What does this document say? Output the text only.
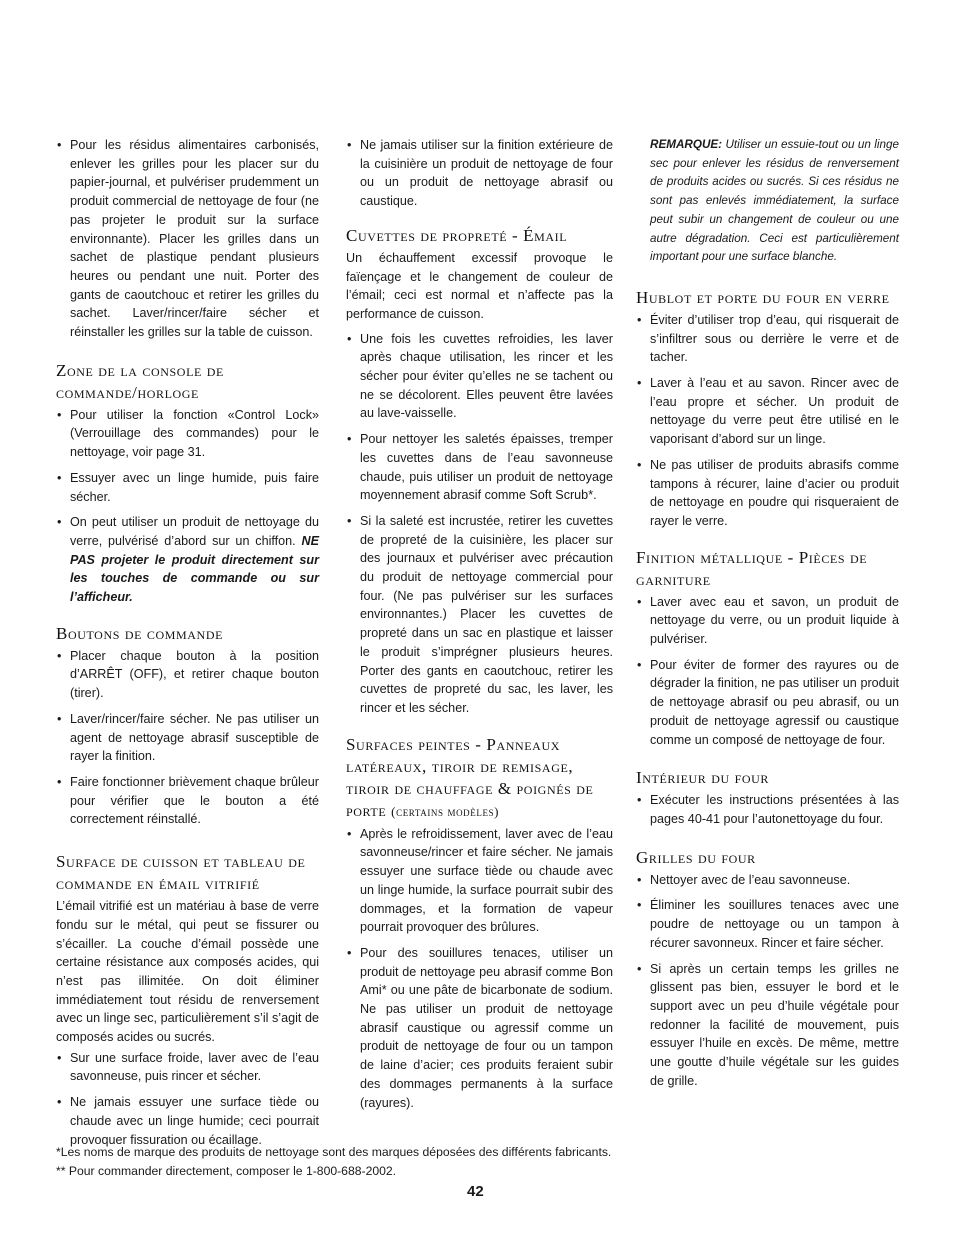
• Pour les résidus alimentaires carbonisés, enlever les grilles pour les placer sur du papier-journal, et pulvériser prudemment un produit commercial de nettoyage de four (ne pas projeter le produit sur la surface environnante). Placer les grilles dans un sachet de plastique pendant plusieurs heures ou pendant une nuit. Porter des gants de caoutchouc et retirer les grilles du sachet. Laver/rincer/faire sécher et réinstaller les grilles sur la table de cuisson.
Zone de la console de commande/horloge
• Pour utiliser la fonction «Control Lock» (Verrouillage des commandes) pour le nettoyage, voir page 31.
• Essuyer avec un linge humide, puis faire sécher.
• On peut utiliser un produit de nettoyage du verre, pulvérisé d’abord sur un chiffon. NE PAS projeter le produit directement sur les touches de commande ou sur l’afficheur.
Boutons de commande
• Placer chaque bouton à la position d’ARRÊT (OFF), et retirer chaque bouton (tirer).
• Laver/rincer/faire sécher. Ne pas utiliser un agent de nettoyage abrasif susceptible de rayer la finition.
• Faire fonctionner brièvement chaque brûleur pour vérifier que le bouton a été correctement réinstallé.
Surface de cuisson et tableau de commande en émail vitrifié

L’émail vitrifié est un matériau à base de verre fondu sur le métal, qui peut se fissurer ou s’écailler. La couche d’émail possède une certaine résistance aux composés acides, qui n’est pas illimitée. On doit éliminer immédiatement tout résidu de renversement avec un linge sec, particulièrement s’il s’agit de composés acides ou sucrés.

• Sur une surface froide, laver avec de l’eau savonneuse, puis rincer et sécher.
• Ne jamais essuyer une surface tiède ou chaude avec un linge humide; ceci pourrait provoquer fissuration ou écaillage.
• Ne jamais utiliser sur la finition extérieure de la cuisinière un produit de nettoyage de four ou un produit de nettoyage abrasif ou caustique.
Cuvettes de propreté - Émail

Un échauffement excessif provoque le faïençage et le changement de couleur de l’émail; ceci est normal et n’affecte pas la performance de cuisson.

• Une fois les cuvettes refroidies, les laver après chaque utilisation, les rincer et les sécher pour éviter qu’elles ne se tachent ou ne se décolorent. Elles peuvent être lavées au lave-vaisselle.
• Pour nettoyer les saletés épaisses, tremper les cuvettes dans de l’eau savonneuse chaude, puis utiliser un produit de nettoyage moyennement abrasif comme Soft Scrub*.
• Si la saleté est incrustée, retirer les cuvettes de propreté de la cuisinière, les placer sur des journaux et pulvériser avec précaution du produit de nettoyage commercial pour four. (Ne pas pulvériser sur les surfaces environnantes.) Placer les cuvettes de propreté dans un sac en plastique et laisser le produit s’imprégner plusieurs heures. Porter des gants en caoutchouc, retirer les cuvettes de propreté du sac, les laver, les rincer et les sécher.
Surfaces peintes - Panneaux latéreaux, tiroir de remisage, tiroir de chauffage & poignés de porte (certains modèles)
• Après le refroidissement, laver avec de l’eau savonneuse/rincer et faire sécher. Ne jamais essuyer une surface tiède ou chaude avec un linge humide, la surface pourrait subir des dommages, et la formation de vapeur pourrait provoquer des brûlures.
• Pour des souillures tenaces, utiliser un produit de nettoyage peu abrasif comme Bon Ami* ou une pâte de bicarbonate de sodium. Ne pas utiliser un produit de nettoyage abrasif caustique ou agressif comme un produit de nettoyage de four ou un tampon de laine d’acier; ces produits feraient subir des dommages permanents à la surface (rayures).

REMARQUE: Utiliser un essuie-tout ou un linge sec pour enlever les résidus de renversement de produits acides ou sucrés. Si ces résidus ne sont pas enlevés immédiatement, la surface peut subir un changement de couleur ou une autre dégradation. Ceci est particulièrement important pour une surface blanche.

Hublot et porte du four en verre
• Éviter d’utiliser trop d’eau, qui risquerait de s’infiltrer sous ou derrière le verre et de tacher.
• Laver à l’eau et au savon. Rincer avec de l’eau propre et sécher. Un produit de nettoyage du verre peut être utilisé en le vaporisant d’abord sur un linge.
• Ne pas utiliser de produits abrasifs comme tampons à récurer, laine d’acier ou produit de nettoyage en poudre qui risqueraient de rayer le verre.
Finition métallique - Pièces de garniture
• Laver avec eau et savon, un produit de nettoyage du verre, ou un produit liquide à pulvériser.
• Pour éviter de former des rayures ou de dégrader la finition, ne pas utiliser un produit de nettoyage abrasif ou peu abrasif, ou un produit de nettoyage agressif ou caustique comme un composé de nettoyage de four.
Intérieur du four
• Exécuter les instructions présentées à las pages 40-41 pour l’autonettoyage du four.
Grilles du four
• Nettoyer avec de l’eau savonneuse.
• Éliminer les souillures tenaces avec une poudre de nettoyage ou un tampon à récurer savonneux. Rincer et faire sécher.
• Si après un certain temps les grilles ne glissent pas bien, essuyer le bord et le support avec un peu d’huile végétale pour redonner la facilité de mouvement, puis essuyer l’huile en excès. De même, mettre une goutte d’huile végétale sur les guides de grille.
*Les noms de marque des produits de nettoyage sont des marques déposées des différents fabricants.
** Pour commander directement, composer le 1-800-688-2002.
42
